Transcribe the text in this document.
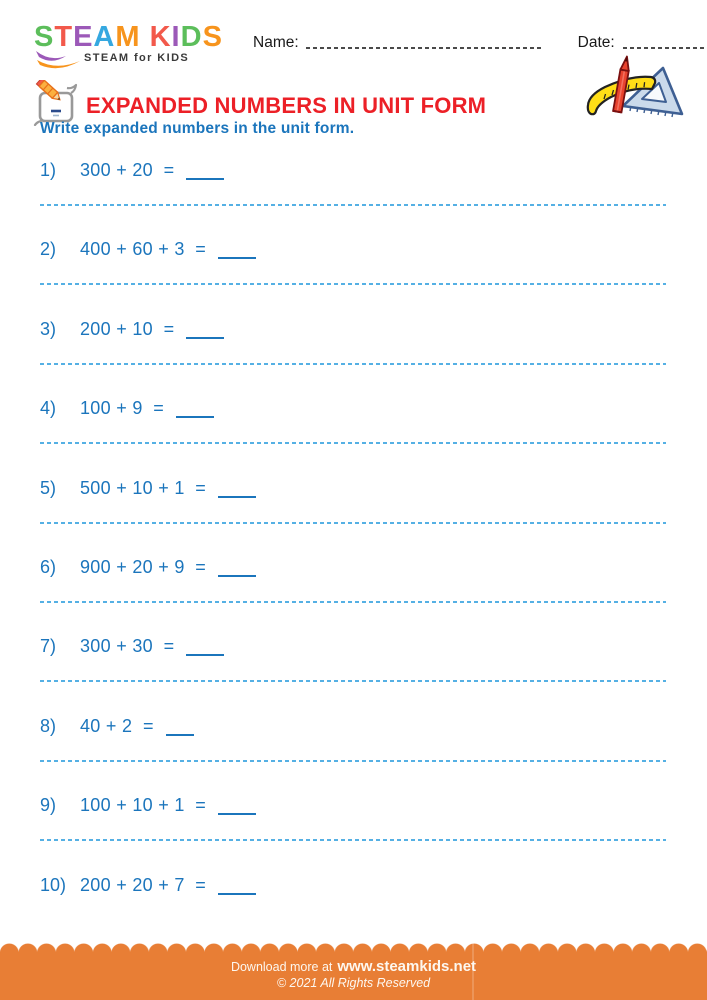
STEAM KIDS
STEAM for KIDS
Name:	Date:
EXPANDED NUMBERS IN UNIT FORM
Write expanded numbers in the unit form.
1)	300 + 20  =
2)	400 + 60 + 3  =
3)	200 + 10  =
4)	100 + 9  =
5)	500 + 10 + 1  =
6)	900 + 20 + 9  =
7)	300 + 30  =
8)	40 + 2  =
9)	100 + 10 + 1  =
10) 200 + 20 + 7  =
Download more at www.steamkids.net
© 2021 All Rights Reserved
